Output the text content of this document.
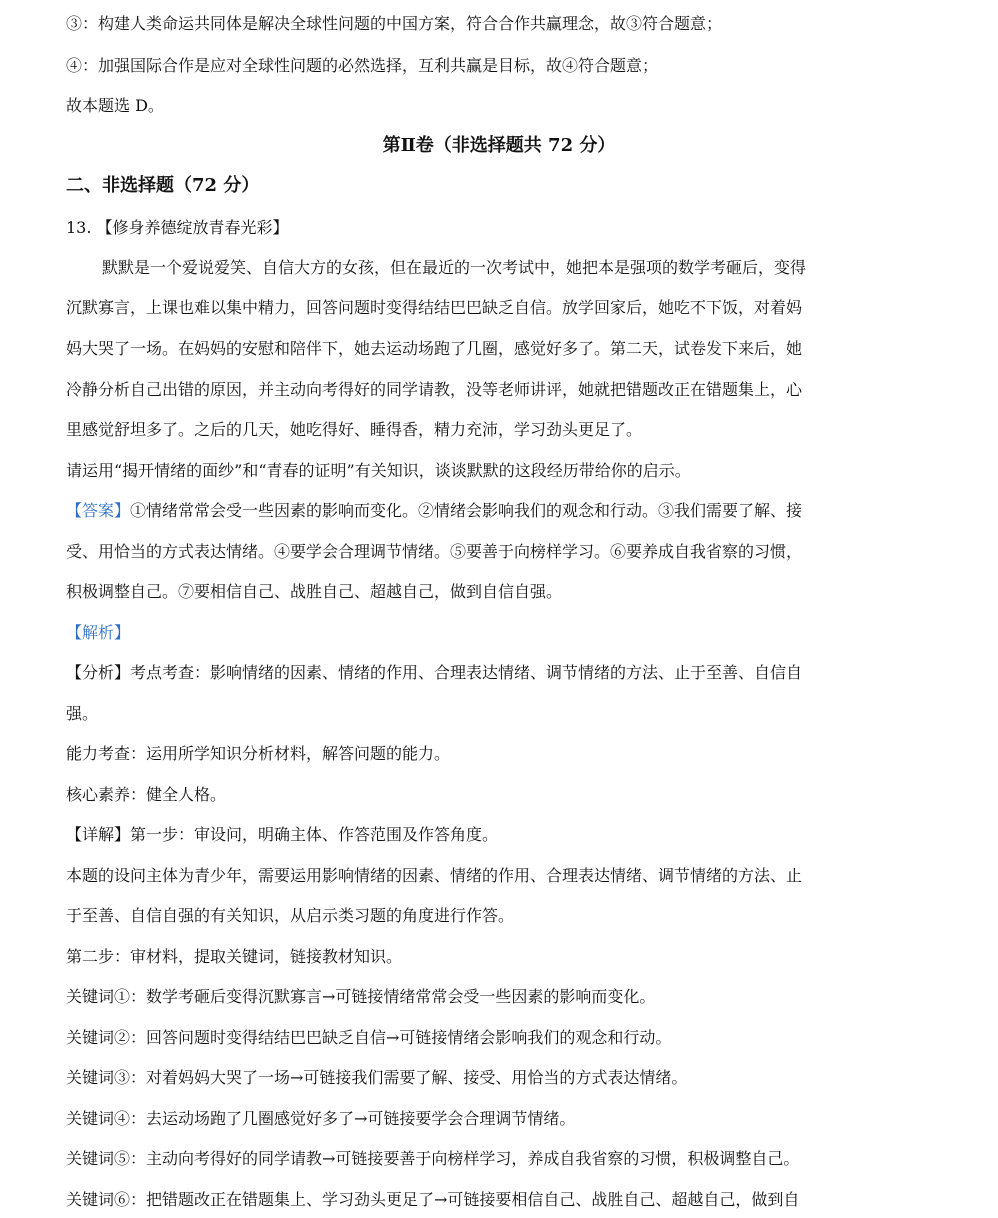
③：构建人类命运共同体是解决全球性问题的中国方案，符合合作共赢理念，故③符合题意；
④：加强国际合作是应对全球性问题的必然选择，互利共赢是目标，故④符合题意；
故本题选 D。
第Ⅱ卷（非选择题共 72 分）
二、非选择题（72 分）
13. 【修身养德绽放青春光彩】
默默是一个爱说爱笑、自信大方的女孩，但在最近的一次考试中，她把本是强项的数学考砸后，变得
沉默寡言，上课也难以集中精力，回答问题时变得结结巴巴缺乏自信。放学回家后，她吃不下饭，对着妈
妈大哭了一场。在妈妈的安慰和陪伴下，她去运动场跑了几圈，感觉好多了。第二天，试卷发下来后，她
冷静分析自己出错的原因，并主动向考得好的同学请教，没等老师讲评，她就把错题改正在错题集上，心
里感觉舒坦多了。之后的几天，她吃得好、睡得香，精力充沛，学习劲头更足了。
请运用“揭开情绪的面纱”和“青春的证明”有关知识，谈谈默默的这段经历带给你的启示。
【答案】①情绪常常会受一些因素的影响而变化。②情绪会影响我们的观念和行动。③我们需要了解、接
受、用恰当的方式表达情绪。④要学会合理调节情绪。⑤要善于向榜样学习。⑥要养成自我省察的习惯，
积极调整自己。⑦要相信自己、战胜自己、超越自己，做到自信自强。
【解析】
【分析】考点考查：影响情绪的因素、情绪的作用、合理表达情绪、调节情绪的方法、止于至善、自信自
强。
能力考查：运用所学知识分析材料，解答问题的能力。
核心素养：健全人格。
【详解】第一步：审设问，明确主体、作答范围及作答角度。
本题的设问主体为青少年，需要运用影响情绪的因素、情绪的作用、合理表达情绪、调节情绪的方法、止
于至善、自信自强的有关知识，从启示类习题的角度进行作答。
第二步：审材料，提取关键词，链接教材知识。
关键词①：数学考砸后变得沉默寡言→可链接情绪常常会受一些因素的影响而变化。
关键词②：回答问题时变得结结巴巴缺乏自信→可链接情绪会影响我们的观念和行动。
关键词③：对着妈妈大哭了一场→可链接我们需要了解、接受、用恰当的方式表达情绪。
关键词④：去运动场跑了几圈感觉好多了→可链接要学会合理调节情绪。
关键词⑤：主动向考得好的同学请教→可链接要善于向榜样学习，养成自我省察的习惯，积极调整自己。
关键词⑥：把错题改正在错题集上、学习劲头更足了→可链接要相信自己、战胜自己、超越自己，做到自
